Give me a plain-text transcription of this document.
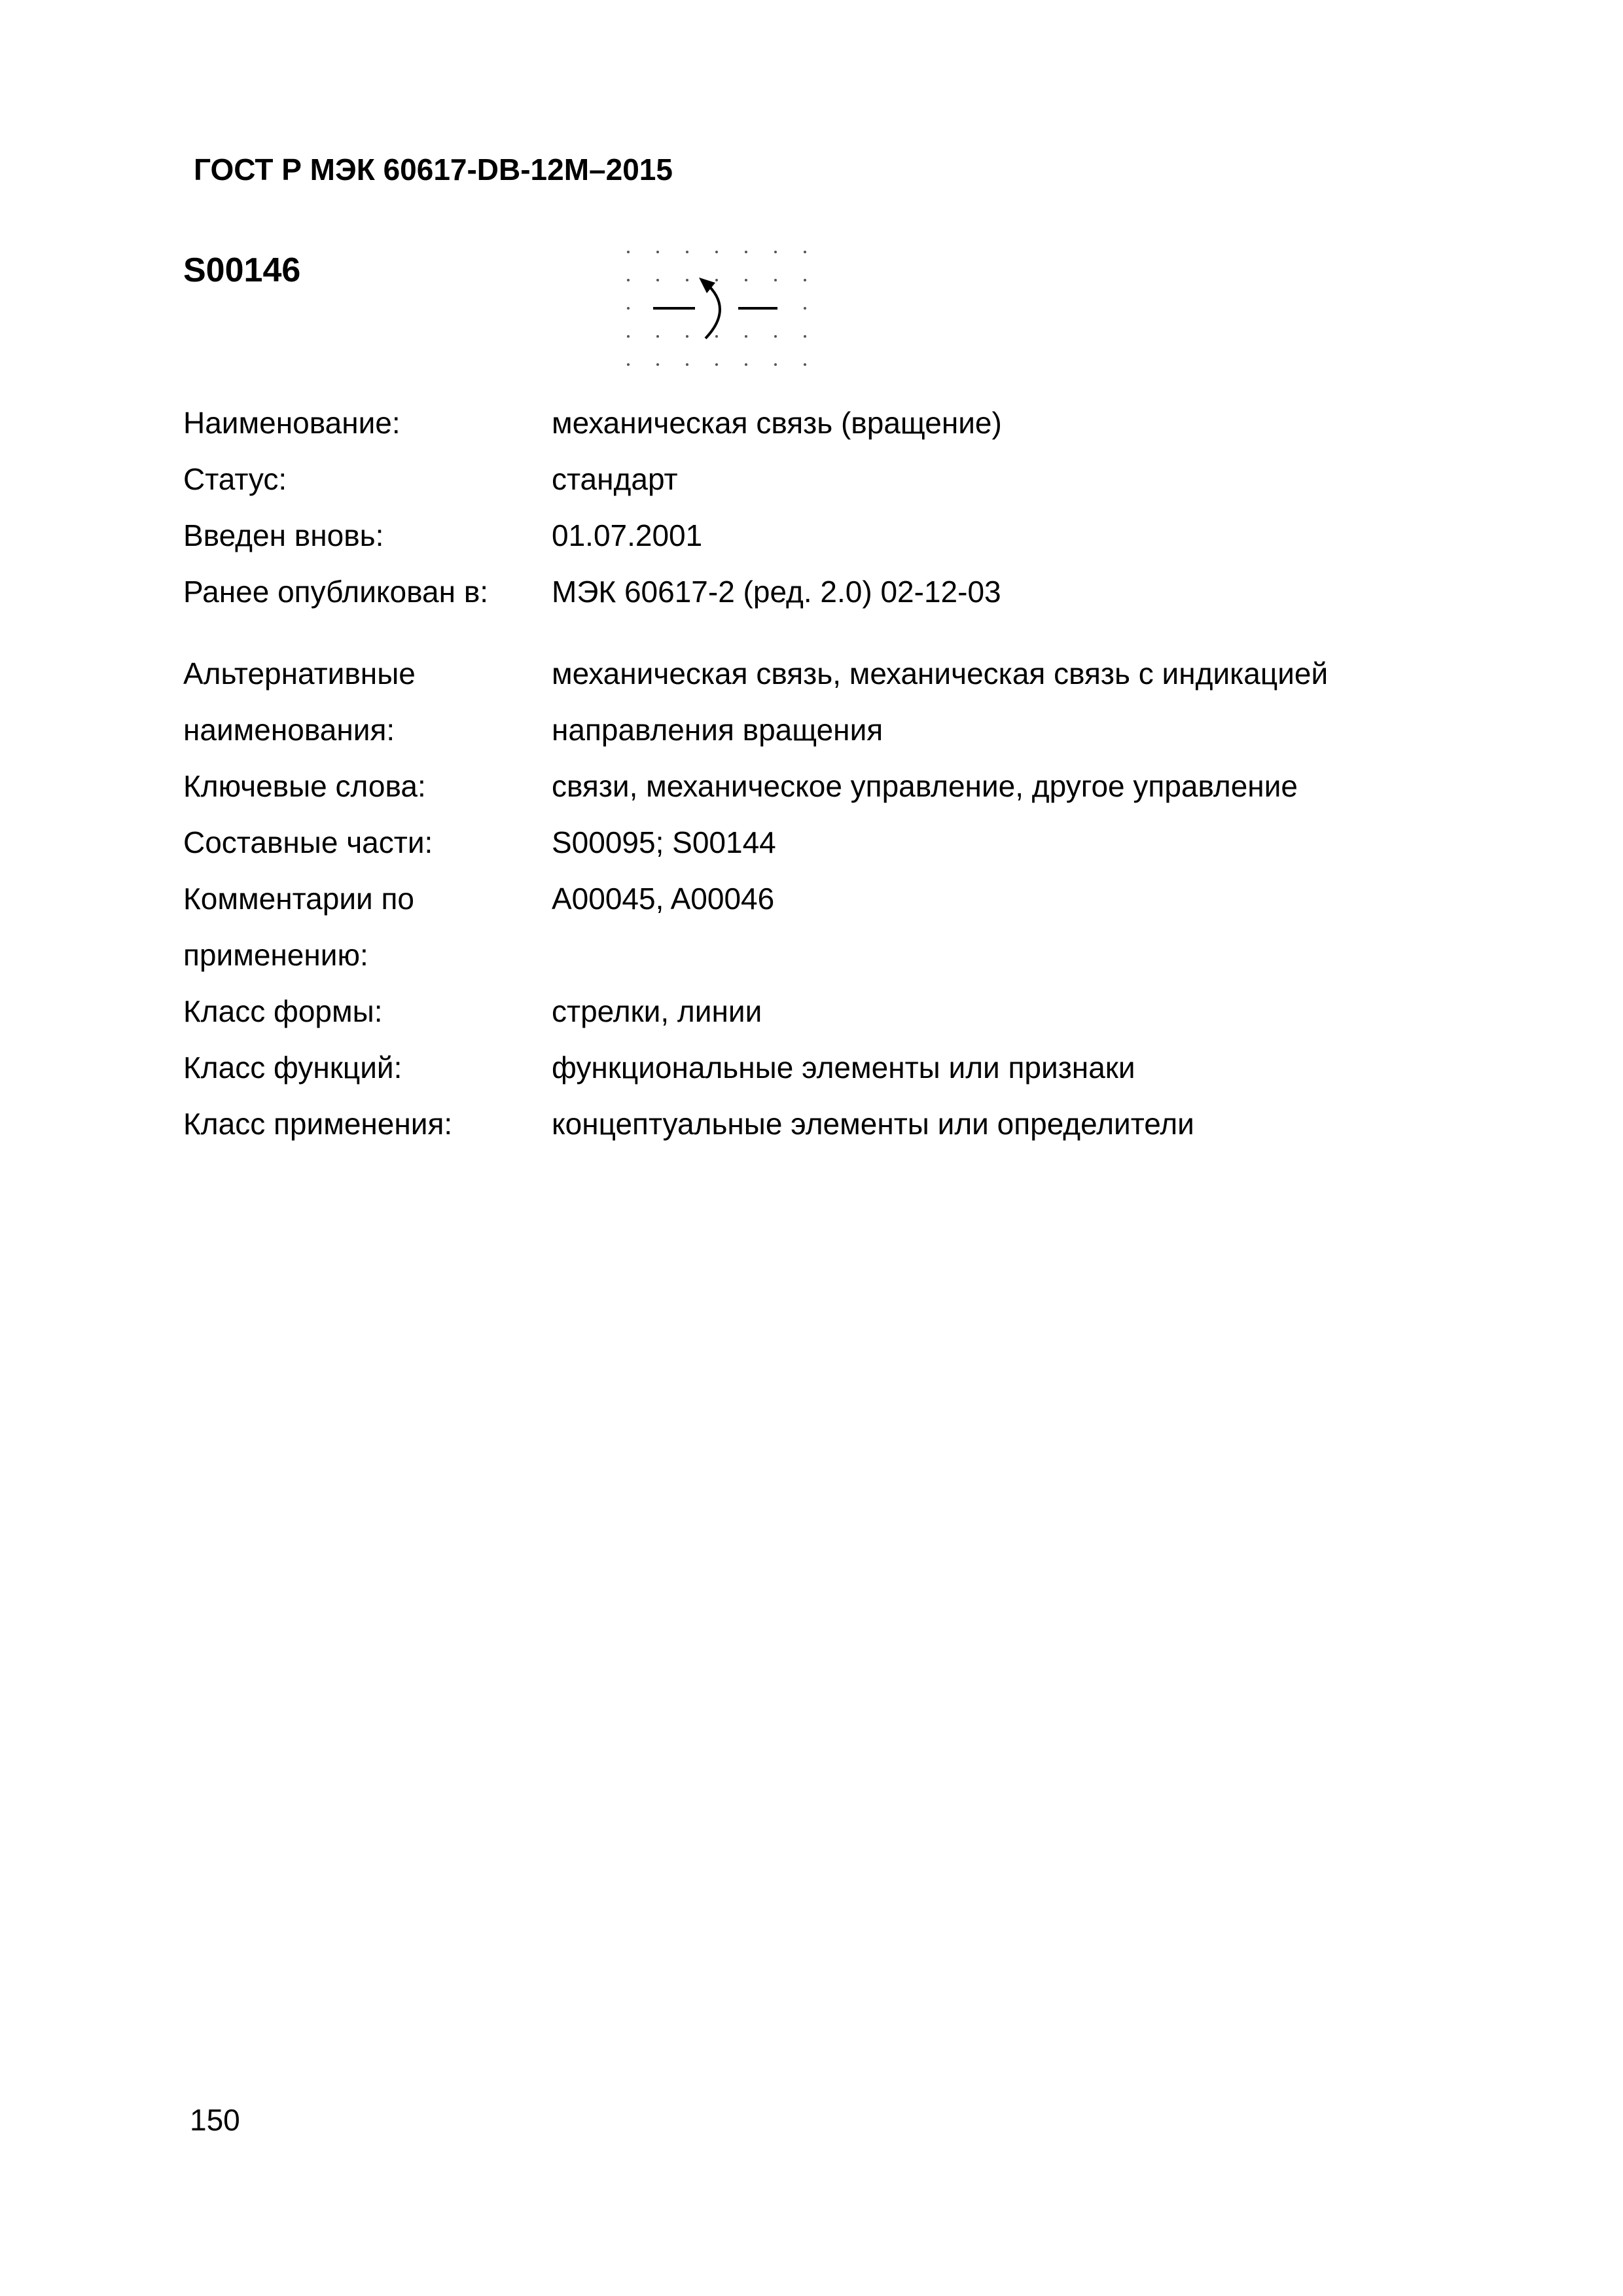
ГОСТ Р МЭК 60617-DB-12M–2015
S00146
Наименование:	механическая связь (вращение)
Статус:	стандарт
Введен вновь:	01.07.2001
Ранее опубликован в:	МЭК 60617-2 (ред. 2.0) 02-12-03
Альтернативные	механическая связь, механическая связь с индикацией
наименования:	направления вращения
Ключевые слова:	связи, механическое управление, другое управление
Составные части:	S00095; S00144
Комментарии по	A00045, A00046
применению:
Класс формы:	стрелки, линии
Класс функций:	функциональные элементы или признаки
Класс применения:	концептуальные элементы или определители
150
